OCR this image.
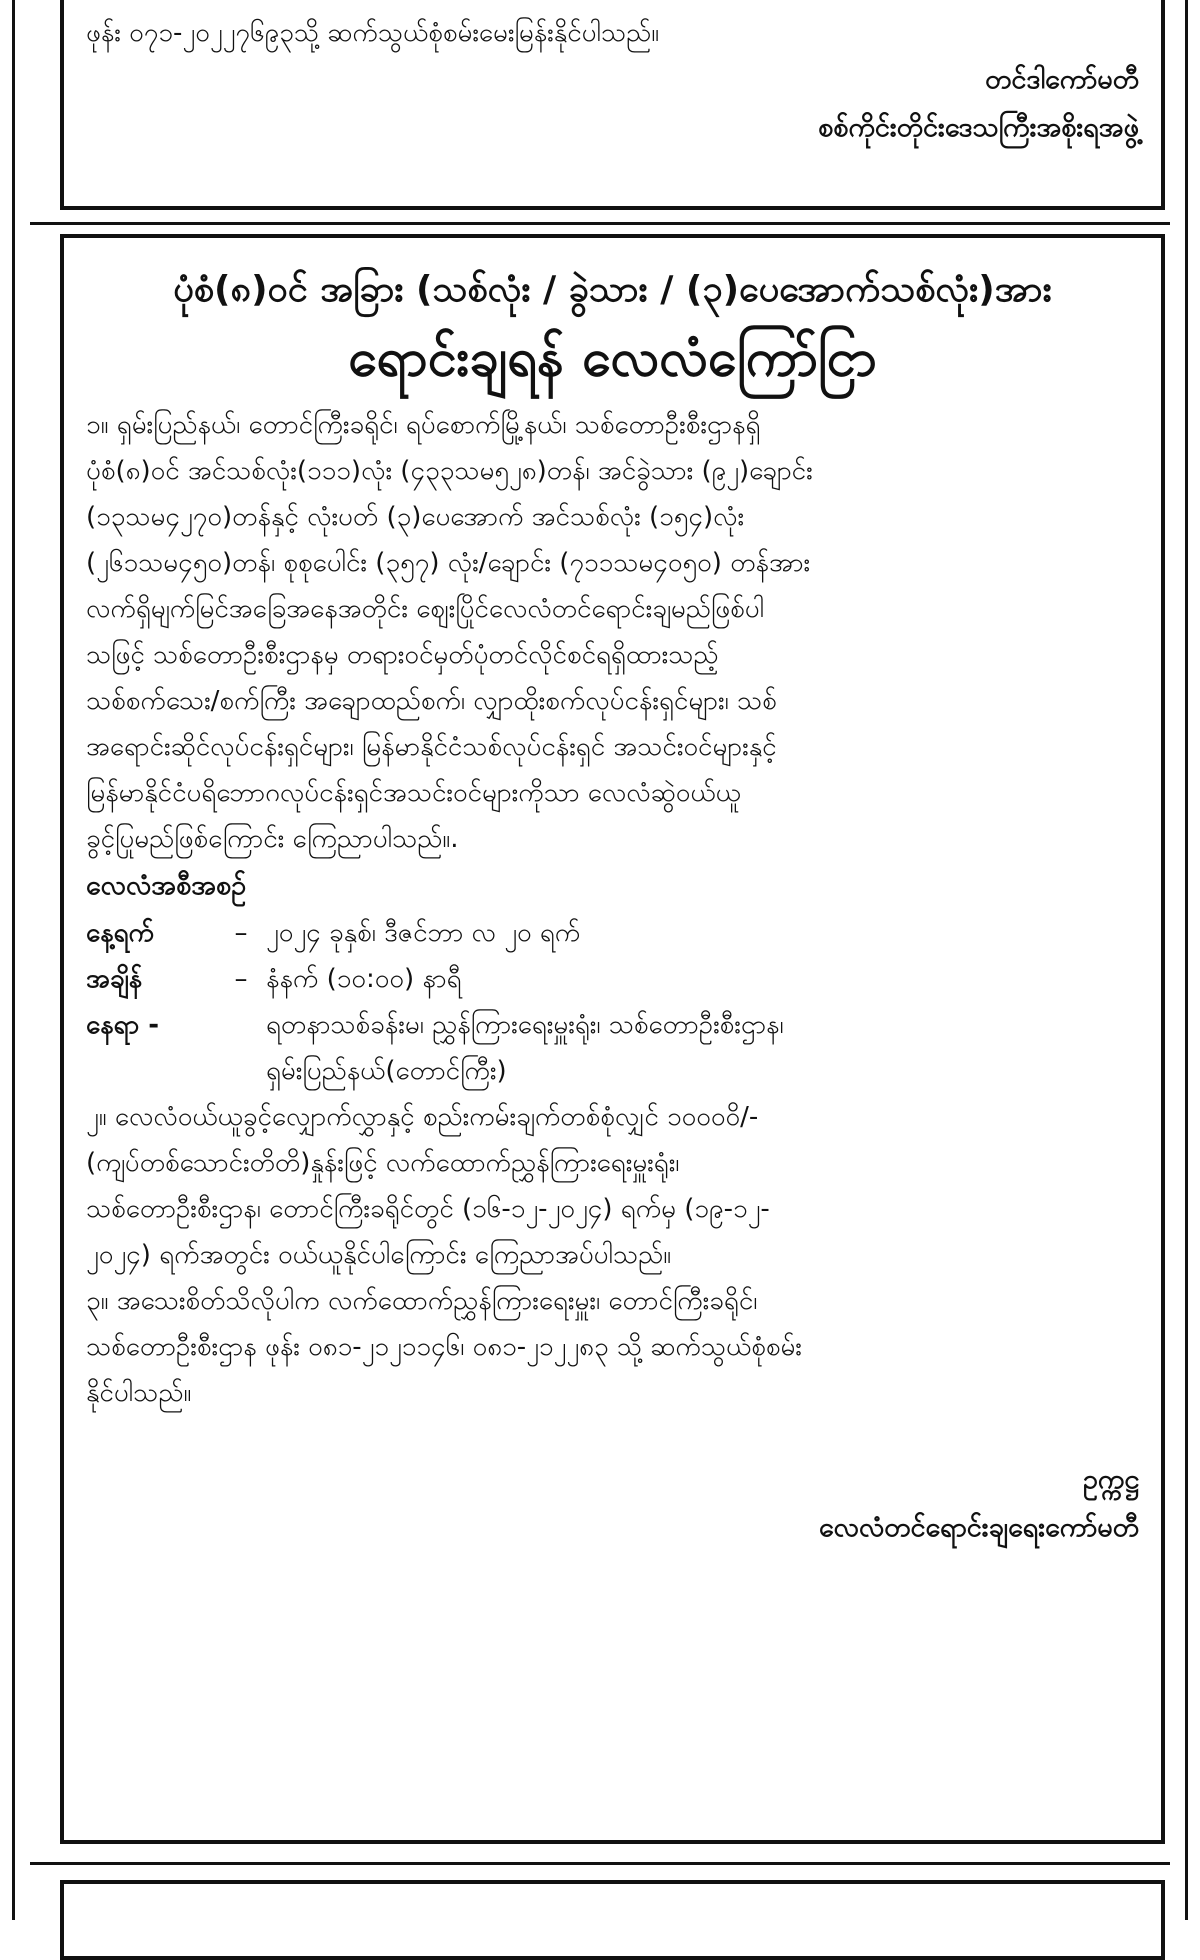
ဖုန်း ၀၇၁-၂၀၂၂၇၆၉၃သို့ ဆက်သွယ်စုံစမ်းမေးမြန်းနိုင်ပါသည်။
တင်ဒါကော်မတီ
စစ်ကိုင်းတိုင်းဒေသကြီးအစိုးရအဖွဲ့
ပုံစံ(၈)ဝင် အခြား (သစ်လုံး / ခွဲသား / (၃)ပေအောက်သစ်လုံး)အား
ရောင်းချရန် လေလံကြော်ငြာ
၁။ ရှမ်းပြည်နယ်၊ တောင်ကြီးခရိုင်၊ ရပ်စောက်မြို့နယ်၊ သစ်တောဦးစီးဌာနရှိ
ပုံစံ(၈)ဝင် အင်သစ်လုံး(၁၁၁)လုံး (၄၃၃သမ၅၂၈)တန်၊ အင်ခွဲသား (၉၂)ချောင်း
(၁၃သမ၄၂၇၀)တန်နှင့် လုံးပတ် (၃)ပေအောက် အင်သစ်လုံး (၁၅၄)လုံး
(၂၆၁သမ၄၅၀)တန်၊ စုစုပေါင်း (၃၅၇) လုံး/ချောင်း (၇၁၁သမ၄၀၅၀) တန်အား
လက်ရှိမျက်မြင်အခြေအနေအတိုင်း ဈေးပြိုင်လေလံတင်ရောင်းချမည်ဖြစ်ပါ
သဖြင့် သစ်တောဦးစီးဌာနမှ တရားဝင်မှတ်ပုံတင်လိုင်စင်ရရှိထားသည့်
သစ်စက်သေး/စက်ကြီး အချောထည်စက်၊ လျှာထိုးစက်လုပ်ငန်းရှင်များ၊ သစ်
အရောင်းဆိုင်လုပ်ငန်းရှင်များ၊ မြန်မာနိုင်ငံသစ်လုပ်ငန်းရှင် အသင်းဝင်များနှင့်
မြန်မာနိုင်ငံပရိဘောဂလုပ်ငန်းရှင်အသင်းဝင်များကိုသာ လေလံဆွဲဝယ်ယူ
ခွင့်ပြုမည်ဖြစ်ကြောင်း ကြေညာပါသည်။.
လေလံအစီအစဉ်
နေ့ရက်	– ၂၀၂၄ ခုနှစ်၊ ဒီဇင်ဘာ လ ၂၀ ရက်
အချိန်	– နံနက် (၁၀:၀၀) နာရီ
နေရာ -	ရတနာသစ်ခန်းမ၊ ညွှန်ကြားရေးမှူးရုံး၊ သစ်တောဦးစီးဌာန၊
ရှမ်းပြည်နယ်(တောင်ကြီး)
၂။ လေလံဝယ်ယူခွင့်လျှောက်လွှာနှင့် စည်းကမ်းချက်တစ်စုံလျှင် ၁၀၀၀၀ိ/-
(ကျပ်တစ်သောင်းတိတိ)နှုန်းဖြင့် လက်ထောက်ညွှန်ကြားရေးမှူးရုံး၊
သစ်တောဦးစီးဌာန၊ တောင်ကြီးခရိုင်တွင် (၁၆-၁၂-၂၀၂၄) ရက်မှ (၁၉-၁၂-
၂၀၂၄) ရက်အတွင်း ဝယ်ယူနိုင်ပါကြောင်း ကြေညာအပ်ပါသည်။
၃။ အသေးစိတ်သိလိုပါက လက်ထောက်ညွှန်ကြားရေးမှူး၊ တောင်ကြီးခရိုင်၊
သစ်တောဦးစီးဌာန ဖုန်း ၀၈၁-၂၁၂၁၁၄၆၊ ၀၈၁-၂၁၂၂၈၃ သို့ ဆက်သွယ်စုံစမ်း
နိုင်ပါသည်။
ဥက္ကဋ္ဌ
လေလံတင်ရောင်းချရေးကော်မတီ
